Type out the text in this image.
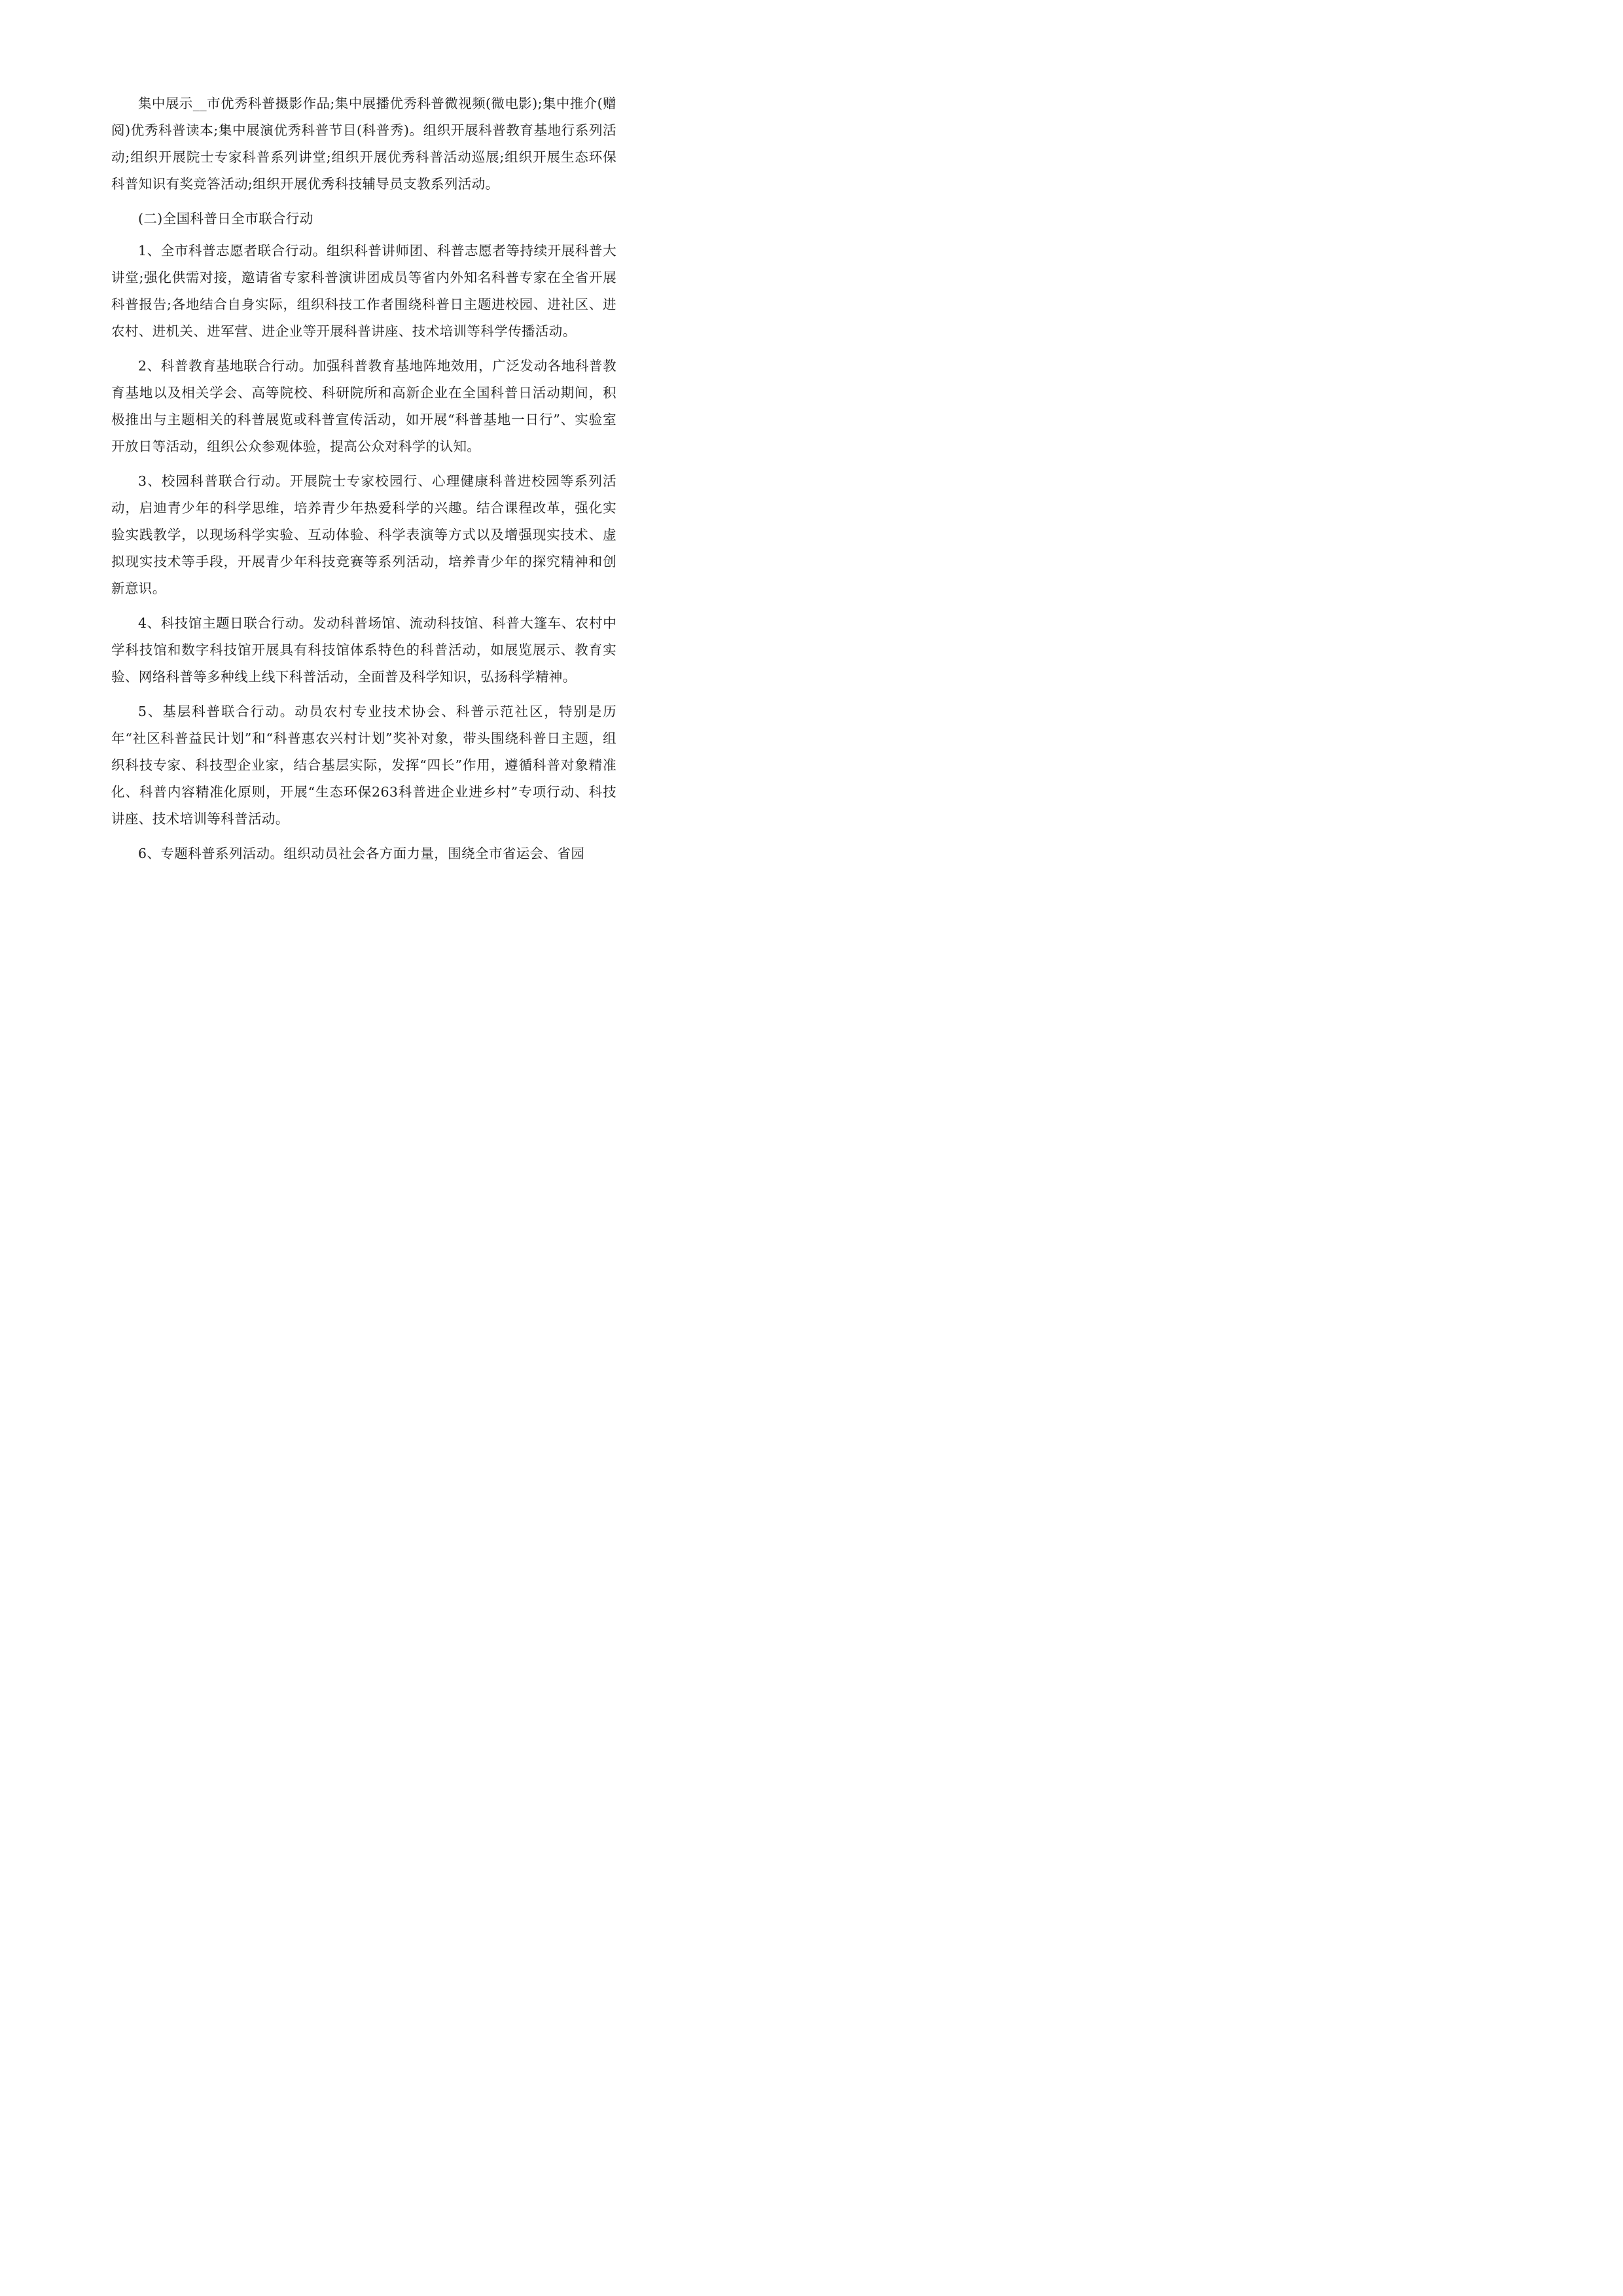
集中展示__市优秀科普摄影作品;集中展播优秀科普微视频(微电影);集中推介(赠阅)优秀科普读本;集中展演优秀科普节目(科普秀)。组织开展科普教育基地行系列活动;组织开展院士专家科普系列讲堂;组织开展优秀科普活动巡展;组织开展生态环保科普知识有奖竞答活动;组织开展优秀科技辅导员支教系列活动。

(二)全国科普日全市联合行动

1、全市科普志愿者联合行动。组织科普讲师团、科普志愿者等持续开展科普大讲堂;强化供需对接，邀请省专家科普演讲团成员等省内外知名科普专家在全省开展科普报告;各地结合自身实际，组织科技工作者围绕科普日主题进校园、进社区、进农村、进机关、进军营、进企业等开展科普讲座、技术培训等科学传播活动。

2、科普教育基地联合行动。加强科普教育基地阵地效用，广泛发动各地科普教育基地以及相关学会、高等院校、科研院所和高新企业在全国科普日活动期间，积极推出与主题相关的科普展览或科普宣传活动，如开展“科普基地一日行”、实验室开放日等活动，组织公众参观体验，提高公众对科学的认知。

3、校园科普联合行动。开展院士专家校园行、心理健康科普进校园等系列活动，启迪青少年的科学思维，培养青少年热爱科学的兴趣。结合课程改革，强化实验实践教学，以现场科学实验、互动体验、科学表演等方式以及增强现实技术、虚拟现实技术等手段，开展青少年科技竞赛等系列活动，培养青少年的探究精神和创新意识。

4、科技馆主题日联合行动。发动科普场馆、流动科技馆、科普大篷车、农村中学科技馆和数字科技馆开展具有科技馆体系特色的科普活动，如展览展示、教育实验、网络科普等多种线上线下科普活动，全面普及科学知识，弘扬科学精神。

5、基层科普联合行动。动员农村专业技术协会、科普示范社区，特别是历年“社区科普益民计划”和“科普惠农兴村计划”奖补对象，带头围绕科普日主题，组织科技专家、科技型企业家，结合基层实际，发挥“四长”作用，遵循科普对象精准化、科普内容精准化原则，开展“生态环保263科普进企业进乡村”专项行动、科技讲座、技术培训等科普活动。

6、专题科普系列活动。组织动员社会各方面力量，围绕全市省运会、省园
